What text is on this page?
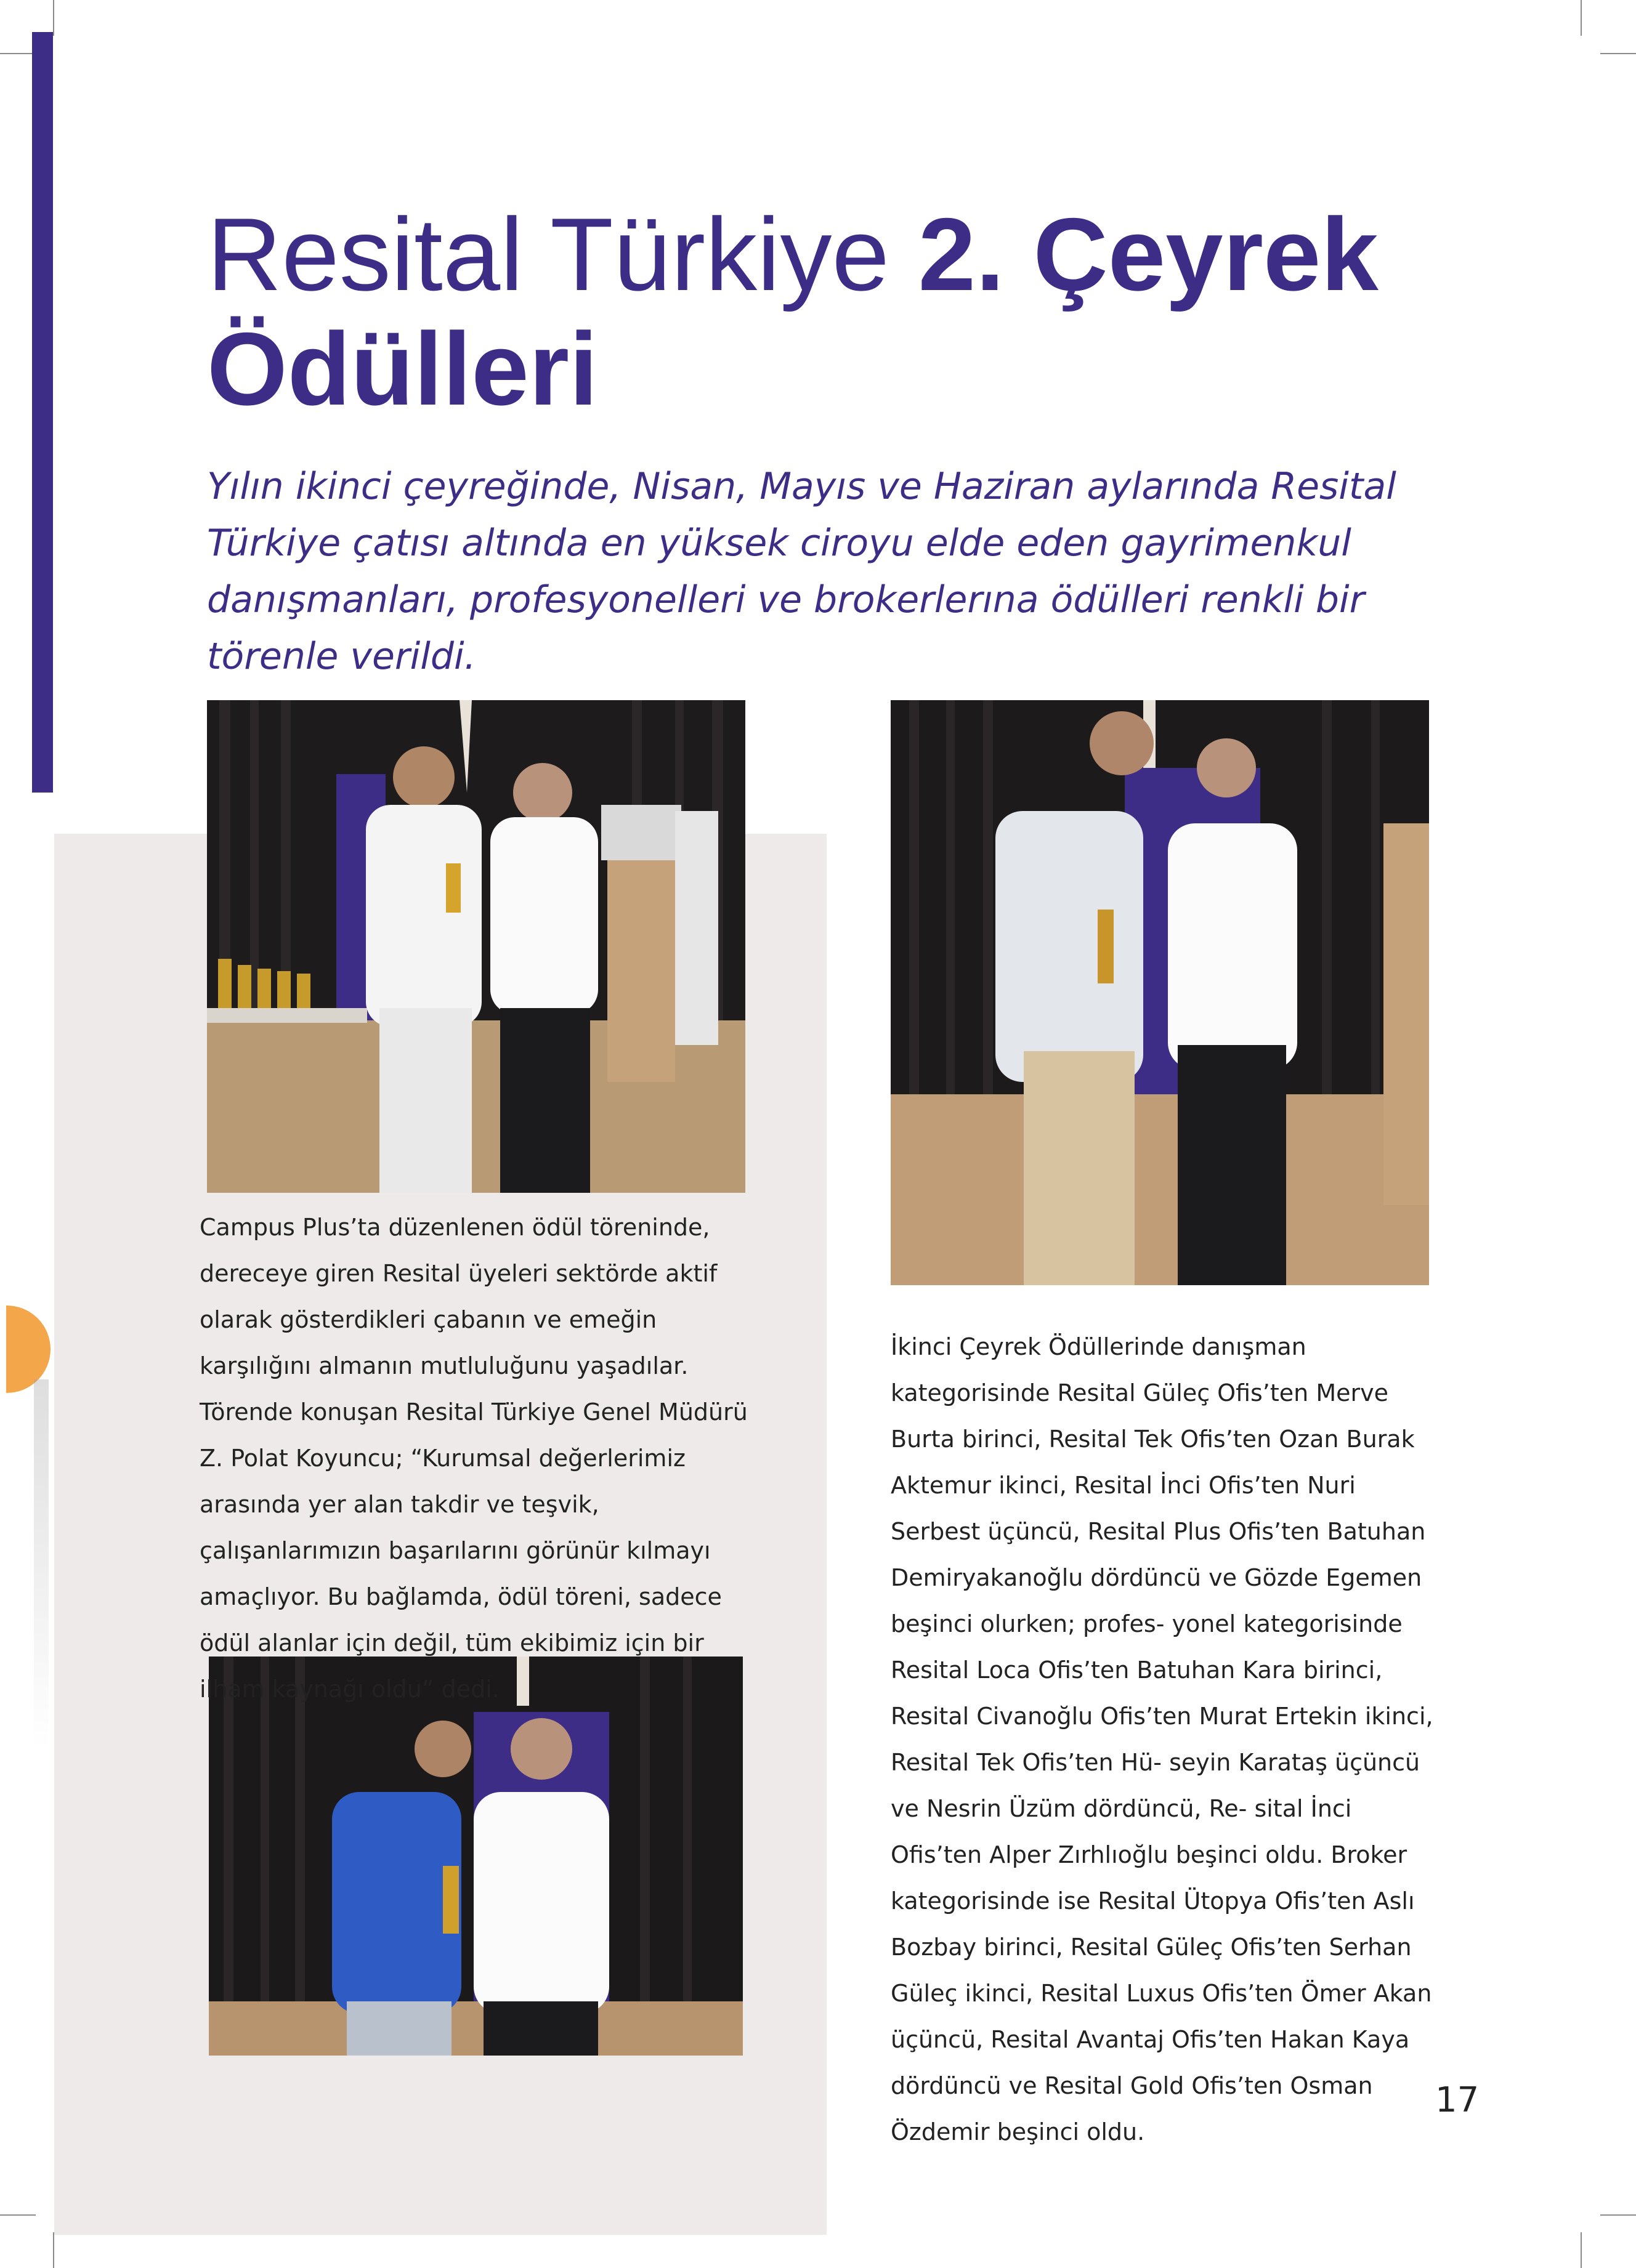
Resital Türkiye 2. Çeyrek
Ödülleri

Yılın ikinci çeyreğinde, Nisan, Mayıs ve Haziran aylarında Resital Türkiye çatısı altında en yüksek ciroyu elde eden gayrimenkul danışmanları, profesyonelleri ve brokerlerına ödülleri renkli bir törenle verildi.

Campus Plus’ta düzenlenen ödül töreninde, dereceye giren Resital üyeleri sektörde aktif olarak gösterdikleri çabanın ve emeğin karşılığını almanın mutluluğunu yaşadılar. Törende konuşan Resital Türkiye Genel Müdürü Z. Polat Koyuncu; “Kurumsal değerlerimiz arasında yer alan takdir ve teşvik, çalışanlarımızın başarılarını görünür kılmayı amaçlıyor. Bu bağlamda, ödül töreni, sadece ödül alanlar için değil, tüm ekibimiz için bir ilham kaynağı oldu” dedi.

İkinci Çeyrek Ödüllerinde danışman kategorisinde Resital Güleç Ofis’ten Merve Burta birinci, Resital Tek Ofis’ten Ozan Burak Aktemur ikinci, Resital İnci Ofis’ten Nuri Serbest üçüncü, Resital Plus Ofis’ten Batuhan Demiryakanoğlu dördüncü ve Gözde Egemen beşinci olurken; profes- yonel kategorisinde Resital Loca Ofis’ten Batuhan Kara birinci, Resital Civanoğlu Ofis’ten Murat Ertekin ikinci, Resital Tek Ofis’ten Hü- seyin Karataş üçüncü ve Nesrin Üzüm dördüncü, Re- sital İnci Ofis’ten Alper Zırhlıoğlu beşinci oldu. Broker kategorisinde ise Resital Ütopya Ofis’ten Aslı Bozbay birinci, Resital Güleç Ofis’ten Serhan Güleç ikinci, Resital Luxus Ofis’ten Ömer Akan üçüncü, Resital Avantaj Ofis’ten Hakan Kaya dördüncü ve Resital Gold Ofis’ten Osman Özdemir beşinci oldu.

17
